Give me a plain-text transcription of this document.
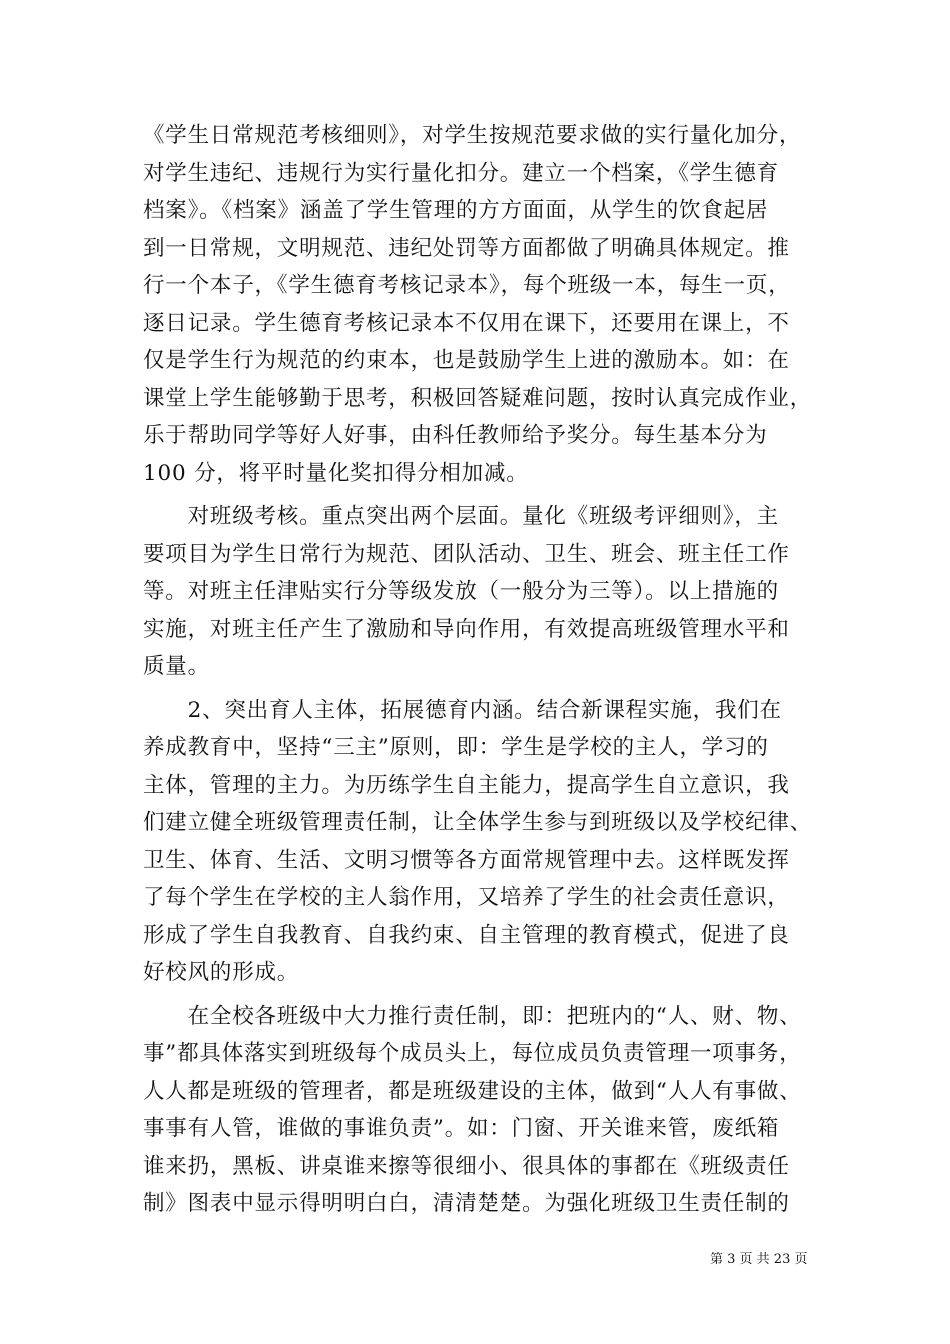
《学生日常规范考核细则》，对学生按规范要求做的实行量化加分，
对学生违纪、违规行为实行量化扣分。建立一个档案，《学生德育
档案》。《档案》涵盖了学生管理的方方面面，从学生的饮食起居
到一日常规，文明规范、违纪处罚等方面都做了明确具体规定。推
行一个本子，《学生德育考核记录本》，每个班级一本，每生一页，
逐日记录。学生德育考核记录本不仅用在课下，还要用在课上，不
仅是学生行为规范的约束本，也是鼓励学生上进的激励本。如：在
课堂上学生能够勤于思考，积极回答疑难问题，按时认真完成作业，
乐于帮助同学等好人好事，由科任教师给予奖分。每生基本分为
100 分，将平时量化奖扣得分相加减。
　　对班级考核。重点突出两个层面。量化《班级考评细则》，主
要项目为学生日常行为规范、团队活动、卫生、班会、班主任工作
等。对班主任津贴实行分等级发放（一般分为三等）。以上措施的
实施，对班主任产生了激励和导向作用，有效提高班级管理水平和
质量。
　　2、突出育人主体，拓展德育内涵。结合新课程实施，我们在
养成教育中，坚持“三主”原则，即：学生是学校的主人，学习的
主体，管理的主力。为历练学生自主能力，提高学生自立意识，我
们建立健全班级管理责任制，让全体学生参与到班级以及学校纪律、
卫生、体育、生活、文明习惯等各方面常规管理中去。这样既发挥
了每个学生在学校的主人翁作用，又培养了学生的社会责任意识，
形成了学生自我教育、自我约束、自主管理的教育模式，促进了良
好校风的形成。
　　在全校各班级中大力推行责任制，即：把班内的“人、财、物、
事”都具体落实到班级每个成员头上，每位成员负责管理一项事务，
人人都是班级的管理者，都是班级建设的主体，做到“人人有事做、
事事有人管，谁做的事谁负责”。如：门窗、开关谁来管，废纸箱
谁来扔，黑板、讲桌谁来擦等很细小、很具体的事都在《班级责任
制》图表中显示得明明白白，清清楚楚。为强化班级卫生责任制的
第 3 页 共 23 页
